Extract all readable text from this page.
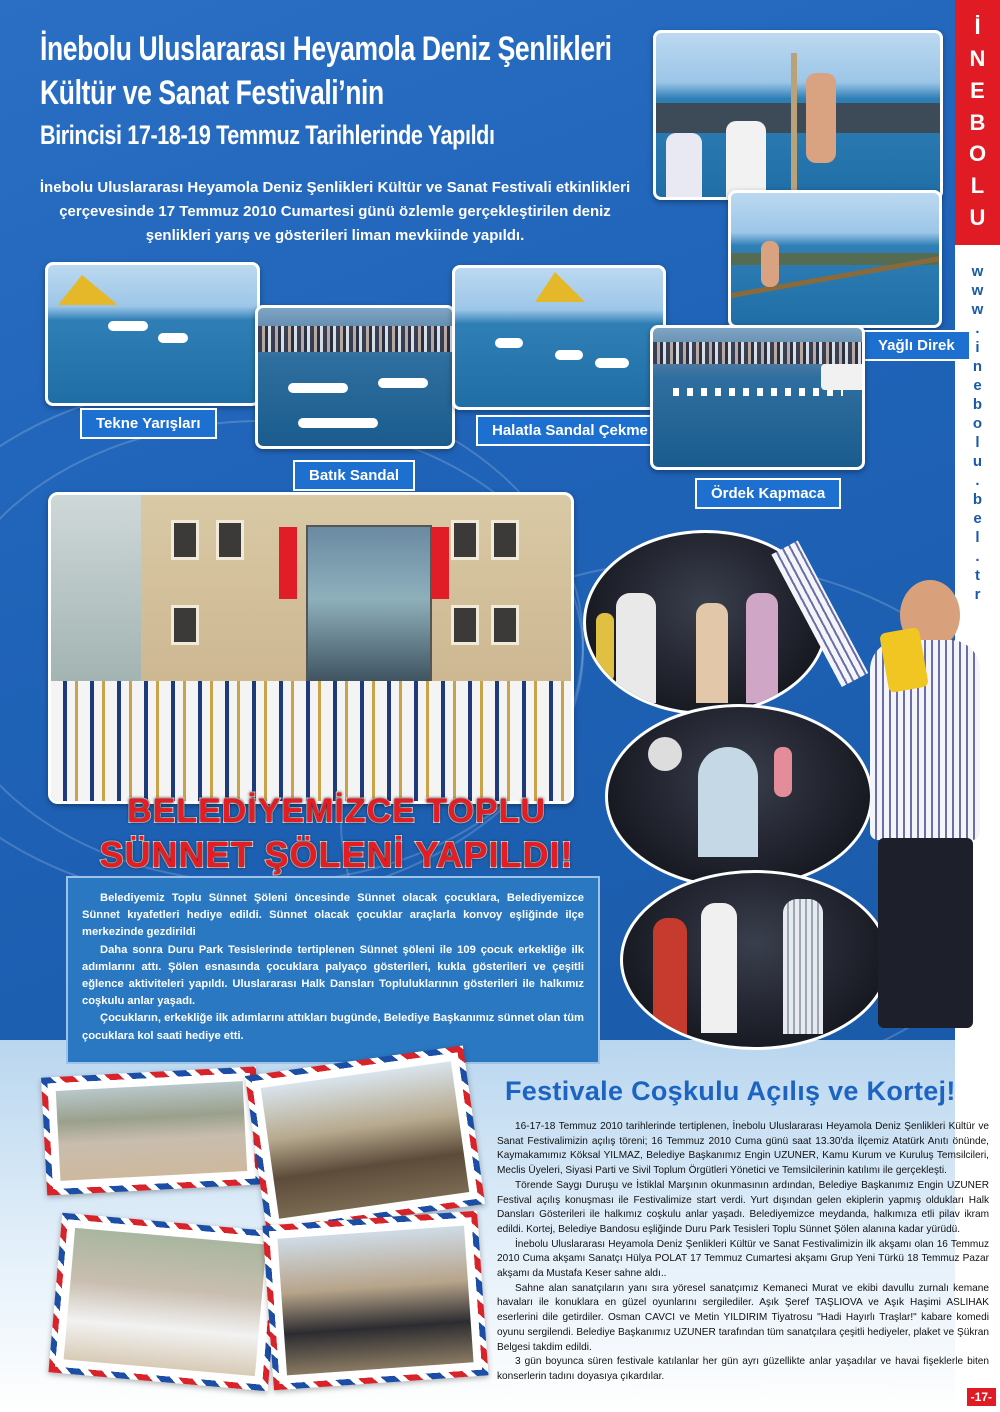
İ
N
E
B
O
L
U
w
w
w
.
i
n
e
b
o
l
u
.
b
e
l
.
t
r
İnebolu Uluslararası Heyamola Deniz Şenlikleri
Kültür ve Sanat Festivali’nin
Birincisi 17-18-19 Temmuz Tarihlerinde Yapıldı
İnebolu Uluslararası Heyamola Deniz Şenlikleri Kültür ve Sanat Festivali etkinlikleri çerçevesinde 17 Temmuz 2010 Cumartesi günü özlemle gerçekleştirilen deniz şenlikleri yarış ve gösterileri liman mevkiinde yapıldı.
Yağlı Direk
Tekne Yarışları
Batık Sandal
Halatla Sandal Çekme
Ördek Kapmaca
BELEDİYEMİZCE TOPLU
SÜNNET ŞÖLENİ YAPILDI!

Belediyemiz Toplu Sünnet Şöleni öncesinde Sünnet olacak çocuklara, Belediyemizce Sünnet kıyafetleri hediye edildi. Sünnet olacak çocuklar araçlarla konvoy eşliğinde ilçe merkezinde gezdirildi

Daha sonra Duru Park Tesislerinde tertiplenen Sünnet şöleni ile 109 çocuk erkekliğe ilk adımlarını attı. Şölen esnasında çocuklara palyaço gösterileri, kukla gösterileri ve çeşitli eğlence aktiviteleri yapıldı. Uluslararası Halk Dansları Topluluklarının gösterileri ile halkımız coşkulu anlar yaşadı.

Çocukların, erkekliğe ilk adımlarını attıkları bugünde, Belediye Başkanımız sünnet olan tüm çocuklara kol saati hediye etti.

Festivale Coşkulu Açılış ve Kortej!

16-17-18 Temmuz 2010 tarihlerinde tertiplenen, İnebolu Uluslararası Heyamola Deniz Şenlikleri Kültür ve Sanat Festivalimizin açılış töreni; 16 Temmuz 2010 Cuma günü saat 13.30'da İlçemiz Atatürk Anıtı önünde, Kaymakamımız Köksal YILMAZ, Belediye Başkanımız Engin UZUNER, Kamu Kurum ve Kuruluş Temsilcileri, Meclis Üyeleri, Siyasi Parti ve Sivil Toplum Örgütleri Yönetici ve Temsilcilerinin katılımı ile gerçekleşti.

Törende Saygı Duruşu ve İstiklal Marşının okunmasının ardından, Belediye Başkanımız Engin UZUNER Festival açılış konuşması ile Festivalimize start verdi. Yurt dışından gelen ekiplerin yapmış oldukları Halk Dansları Gösterileri ile halkımız coşkulu anlar yaşadı. Belediyemizce meydanda, halkımıza etli pilav ikram edildi. Kortej, Belediye Bandosu eşliğinde Duru Park Tesisleri Toplu Sünnet Şölen alanına kadar yürüdü.

İnebolu Uluslararası Heyamola Deniz Şenlikleri Kültür ve Sanat Festivalimizin ilk akşamı olan 16 Temmuz 2010 Cuma akşamı Sanatçı Hülya POLAT 17 Temmuz Cumartesi akşamı Grup Yeni Türkü 18 Temmuz Pazar akşamı da Mustafa Keser sahne aldı..

Sahne alan sanatçıların yanı sıra yöresel sanatçımız Kemaneci Murat ve ekibi davullu zurnalı kemane havaları ile konuklara en güzel oyunlarını sergilediler. Aşık Şeref TAŞLIOVA ve Aşık Haşimi ASLIHAK eserlerini dile getirdiler. Osman CAVCI ve Metin YILDIRIM Tiyatrosu "Hadi Hayırlı Traşlar!" kabare komedi oyunu sergilendi. Belediye Başkanımız UZUNER tarafından tüm sanatçılara çeşitli hediyeler, plaket ve Şükran Belgesi takdim edildi.

3 gün boyunca süren festivale katılanlar her gün ayrı güzellikte anlar yaşadılar ve havai fişeklerle biten konserlerin tadını doyasıya çıkardılar.

-17-
